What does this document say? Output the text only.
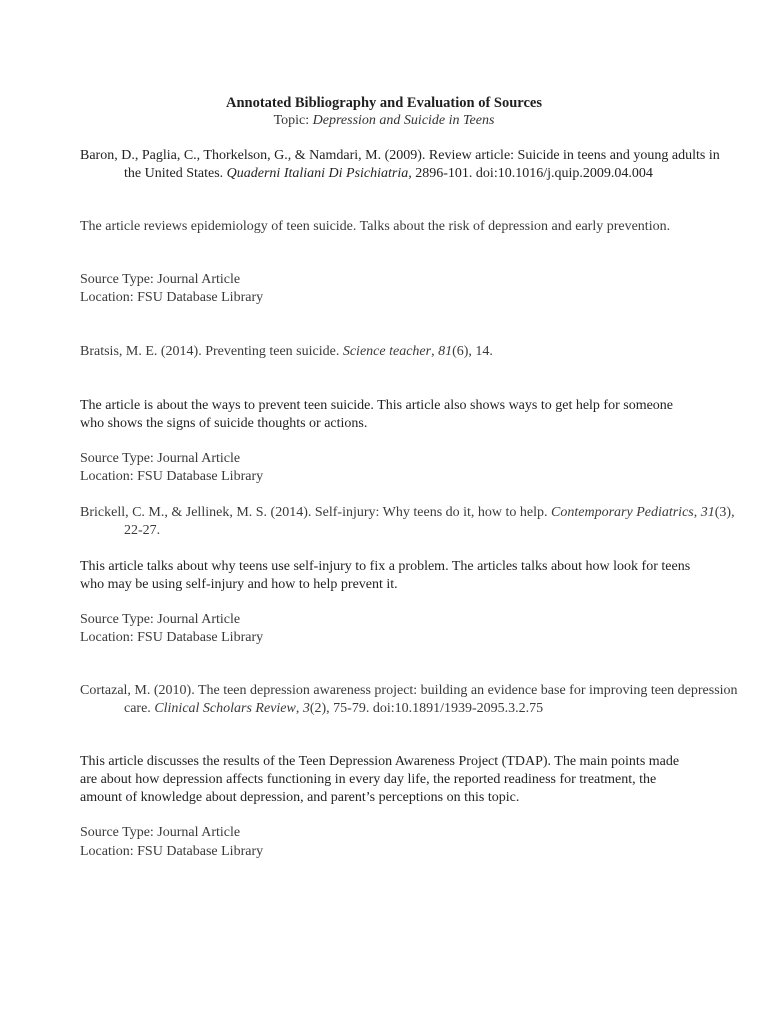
Annotated Bibliography and Evaluation of Sources
Topic: Depression and Suicide in Teens
Baron, D., Paglia, C., Thorkelson, G., & Namdari, M. (2009). Review article: Suicide in teens and young adults in the United States. Quaderni Italiani Di Psichiatria, 2896-101. doi:10.1016/j.quip.2009.04.004
The article reviews epidemiology of teen suicide. Talks about the risk of depression and early prevention.
Source Type: Journal Article
Location: FSU Database Library
Bratsis, M. E. (2014). Preventing teen suicide. Science teacher, 81(6), 14.
The article is about the ways to prevent teen suicide. This article also shows ways to get help for someone who shows the signs of suicide thoughts or actions.
Source Type: Journal Article
Location: FSU Database Library
Brickell, C. M., & Jellinek, M. S. (2014). Self-injury: Why teens do it, how to help. Contemporary Pediatrics, 31(3), 22-27.
This article talks about why teens use self-injury to fix a problem. The articles talks about how look for teens who may be using self-injury and how to help prevent it.
Source Type: Journal Article
Location: FSU Database Library
Cortazal, M. (2010). The teen depression awareness project: building an evidence base for improving teen depression care. Clinical Scholars Review, 3(2), 75-79. doi:10.1891/1939-2095.3.2.75
This article discusses the results of the Teen Depression Awareness Project (TDAP). The main points made are about how depression affects functioning in every day life, the reported readiness for treatment, the amount of knowledge about depression, and parent’s perceptions on this topic.
Source Type: Journal Article
Location: FSU Database Library
